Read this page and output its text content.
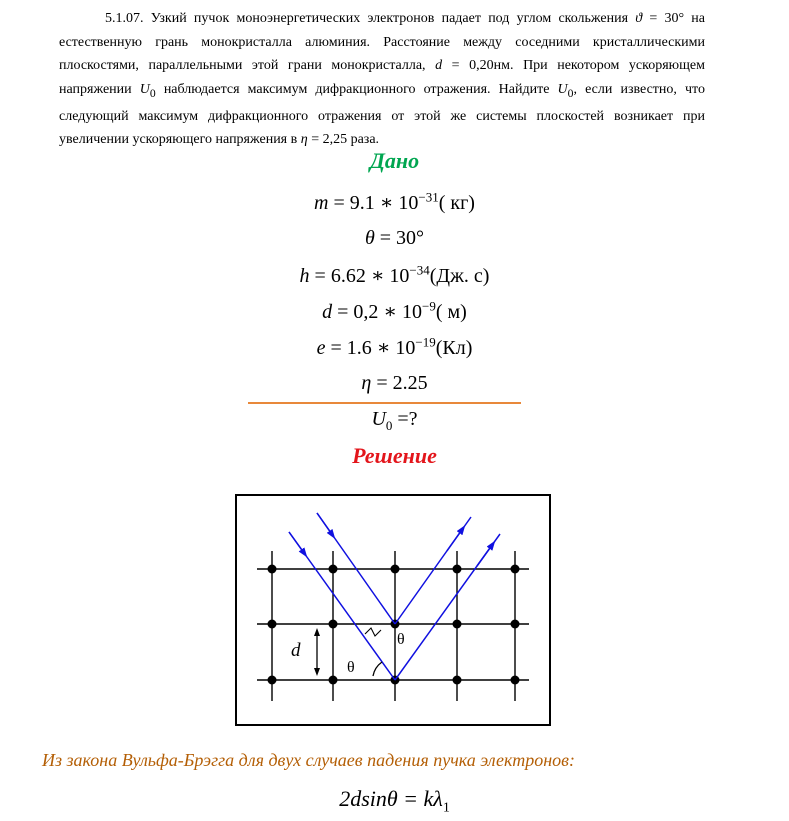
5.1.07. Узкий пучок моноэнергетических электронов падает под углом скольжения ϑ = 30° на естественную грань монокристалла алюминия. Расстояние между соседними кристаллическими плоскостями, параллельными этой грани монокристалла, d = 0,20нм. При некотором ускоряющем напряжении $U_0$ наблюдается максимум дифракционного отражения. Найдите $U_0$, если известно, что следующий максимум дифракционного отражения от этой же системы плоскостей возникает при увеличении ускоряющего напряжения в η = 2,25 раза.
Дано
m = 9.1 ∗ $10^{-31}$( кг)
θ = 30°
h = 6.62 ∗ $10^{-34}(Дж$. с)
d = 0,2 ∗ $10^{-9}$( м)
e = 1.6 ∗ $10^{-19}(Кл)$
η = 2.25
$U_0$ =?
Решение
d
θ
θ
Из закона Вульфа-Брэгга для двух случаев падения пучка электронов:
$2dsin\theta = k\lambda_1$
